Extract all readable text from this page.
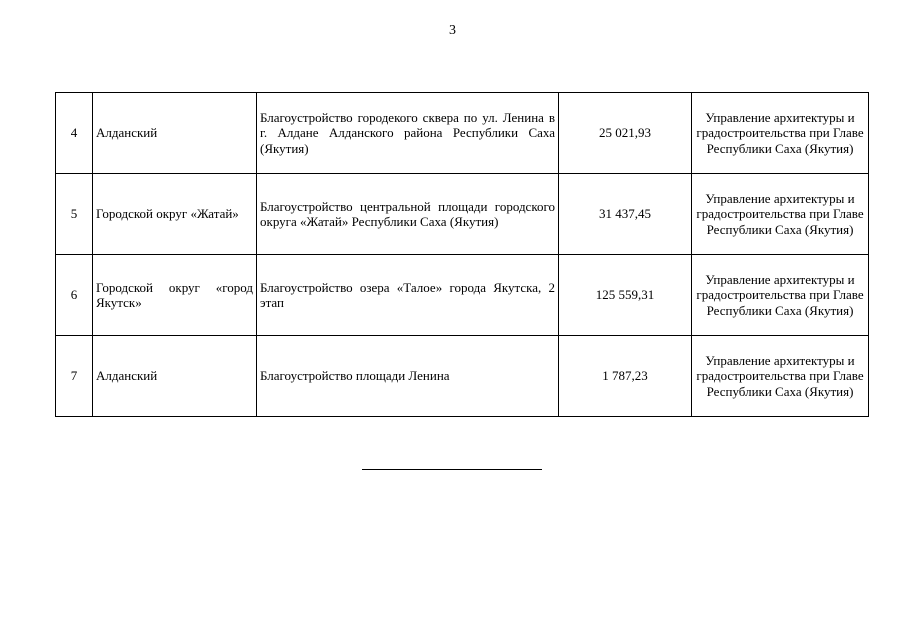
3
4	Алданский	Благоустройство городекого сквера по ул. Ленина в г. Алдане Алданского района Республики Саха (Якутия)	25 021,93	Управление архитектуры и градостроительства при Главе Республики Саха (Якутия)
5	Городской округ «Жатай»	Благоустройство центральной площади городского округа «Жатай» Республики Саха (Якутия)	31 437,45	Управление архитектуры и градостроительства при Главе Республики Саха (Якутия)
6	Городской округ «город Якутск»	Благоустройство озера «Талое» города Якутска, 2 этап	125 559,31	Управление архитектуры и градостроительства при Главе Республики Саха (Якутия)
7	Алданский	Благоустройство площади Ленина	1 787,23	Управление архитектуры и градостроительства при Главе Республики Саха (Якутия)
